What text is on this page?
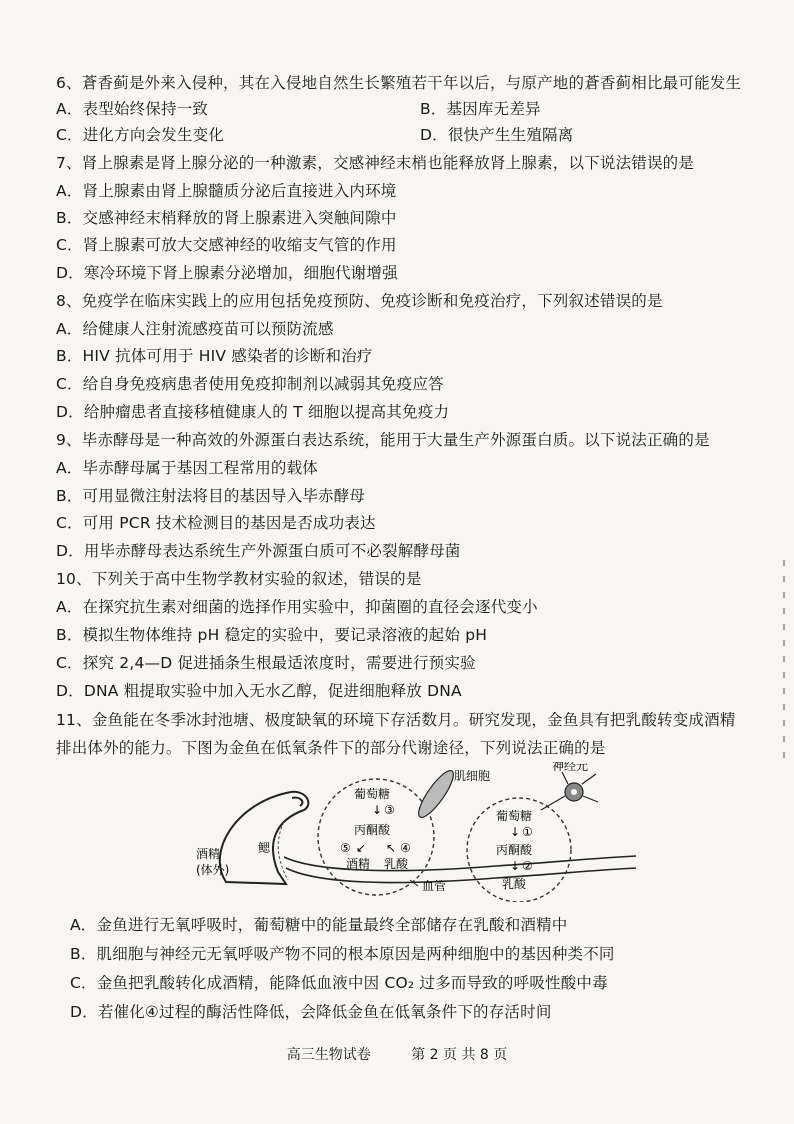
6、蒼香蓟是外来入侵种，其在入侵地自然生长繁殖若干年以后，与原产地的蒼香蓟相比最可能发生
A．表型始终保持一致	B．基因库无差异
C．进化方向会发生变化	D．很快产生生殖隔离
7、肾上腺素是肾上腺分泌的一种激素，交感神经末梢也能释放肾上腺素，以下说法错误的是
A．肾上腺素由肾上腺髓质分泌后直接进入内环境
B．交感神经末梢释放的肾上腺素进入突触间隙中
C．肾上腺素可放大交感神经的收缩支气管的作用
D．寒冷环境下肾上腺素分泌增加，细胞代谢增强
8、免疫学在临床实践上的应用包括免疫预防、免疫诊断和免疫治疗，下列叙述错误的是
A．给健康人注射流感疫苗可以预防流感
B．HIV 抗体可用于 HIV 感染者的诊断和治疗
C．给自身免疫病患者使用免疫抑制剂以减弱其免疫应答
D．给肿瘤患者直接移植健康人的 T 细胞以提高其免疫力
9、毕赤酵母是一种高效的外源蛋白表达系统，能用于大量生产外源蛋白质。以下说法正确的是
A．毕赤酵母属于基因工程常用的载体
B．可用显微注射法将目的基因导入毕赤酵母
C．可用 PCR 技术检测目的基因是否成功表达
D．用毕赤酵母表达系统生产外源蛋白质可不必裂解酵母菌
10、下列关于高中生物学教材实验的叙述，错误的是
A．在探究抗生素对细菌的选择作用实验中，抑菌圈的直径会逐代变小
B．模拟生物体维持 pH 稳定的实验中，要记录溶液的起始 pH
C．探究 2,4—D 促进插条生根最适浓度时，需要进行预实验
D．DNA 粗提取实验中加入无水乙醇，促进细胞释放 DNA
11、金鱼能在冬季冰封池塘、极度缺氧的环境下存活数月。研究发现，金鱼具有把乳酸转变成酒精
排出体外的能力。下图为金鱼在低氧条件下的部分代谢途径，下列说法正确的是
肌细胞
神经元
葡萄糖
↓ ③
丙酮酸
⑤ ↙ ↖ ④
酒精 乳酸
葡萄糖
↓ ①
丙酮酸
↓ ②
乳酸
鳃
酒精
(体外)
血管
A．金鱼进行无氧呼吸时，葡萄糖中的能量最终全部储存在乳酸和酒精中
B．肌细胞与神经元无氧呼吸产物不同的根本原因是两种细胞中的基因种类不同
C．金鱼把乳酸转化成酒精，能降低血液中因 CO₂ 过多而导致的呼吸性酸中毒
D．若催化④过程的酶活性降低，会降低金鱼在低氧条件下的存活时间
高三生物试卷	第 2 页 共 8 页
